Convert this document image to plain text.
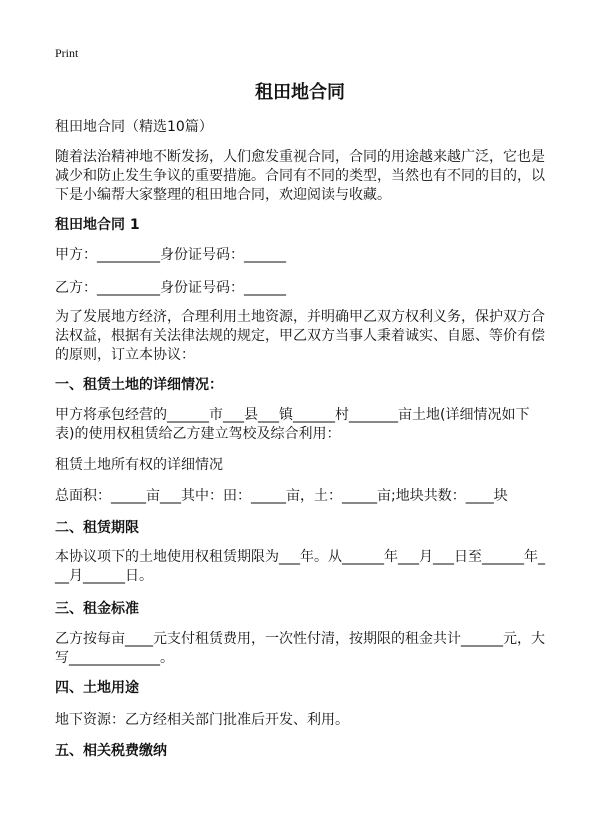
Print
租田地合同
租田地合同（精选10篇）
随着法治精神地不断发扬，人们愈发重视合同，合同的用途越来越广泛，它也是减少和防止发生争议的重要措施。合同有不同的类型，当然也有不同的目的，以下是小编帮大家整理的租田地合同，欢迎阅读与收藏。
租田地合同 1
甲方：_________身份证号码：______
乙方：_________身份证号码：______
为了发展地方经济，合理利用土地资源，并明确甲乙双方权利义务，保护双方合法权益，根据有关法律法规的规定，甲乙双方当事人秉着诚实、自愿、等价有偿的原则，订立本协议：
一、租赁土地的详细情况：
甲方将承包经营的______市___县___镇______村_______亩土地(详细情况如下表)的使用权租赁给乙方建立驾校及综合利用：
租赁土地所有权的详细情况
总面积：_____亩___其中：田：_____亩，土：_____亩;地块共数：____块
二、租赁期限
本协议项下的土地使用权租赁期限为___年。从______年___月___日至______年___月______日。
三、租金标准
乙方按每亩____元支付租赁费用，一次性付清，按期限的租金共计______元，大写_____________。
四、土地用途
地下资源：乙方经相关部门批准后开发、利用。
五、相关税费缴纳
